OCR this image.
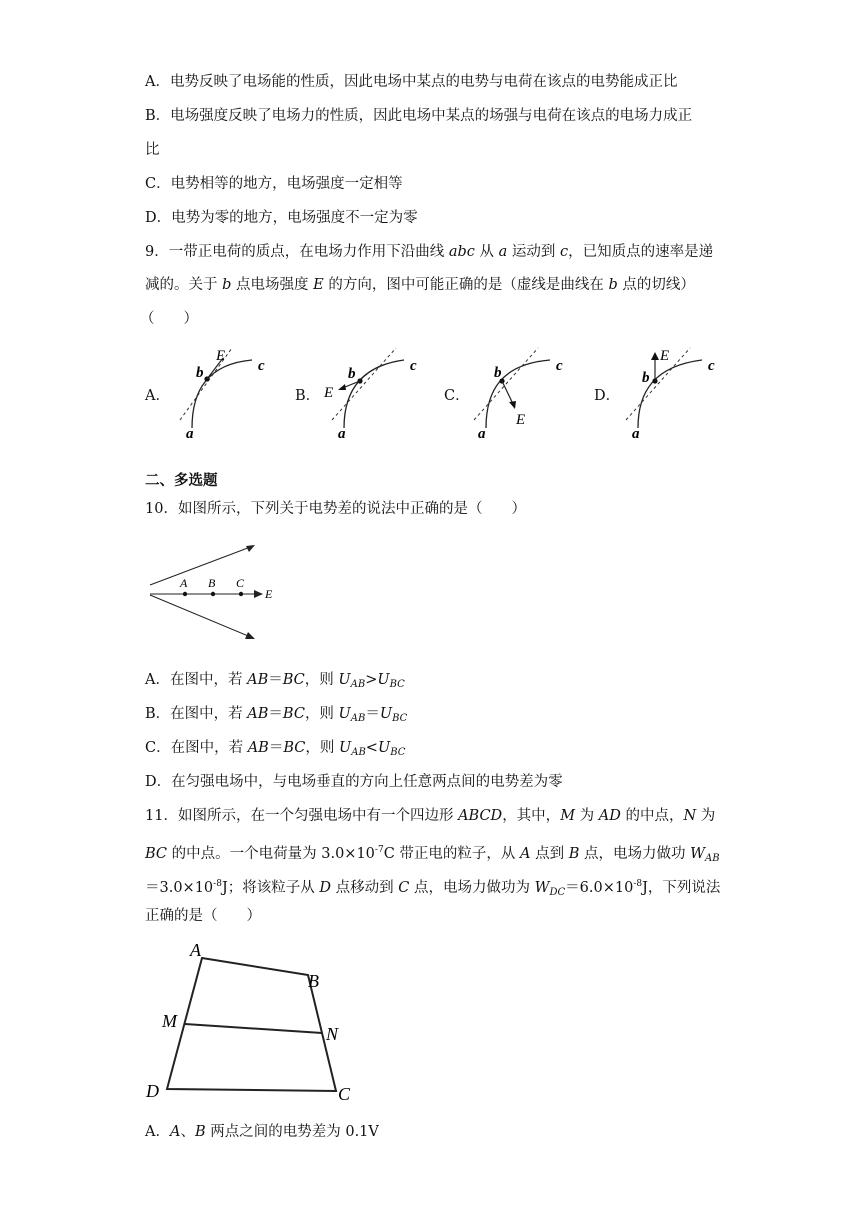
A．电势反映了电场能的性质，因此电场中某点的电势与电荷在该点的电势能成正比
B．电场强度反映了电场力的性质，因此电场中某点的场强与电荷在该点的电场力成正
比
C．电势相等的地方，电场强度一定相等
D．电势为零的地方，电场强度不一定为零
9．一带正电荷的质点，在电场力作用下沿曲线 abc 从 a 运动到 c，已知质点的速率是递
减的。关于 b 点电场强度 E 的方向，图中可能正确的是（虚线是曲线在 b 点的切线）
（　　）
A．	B．	C．	D．
E
b	c
a
E
b	c
a
E
b	c
a
E
b
c
a
二、多选题
10．如图所示，下列关于电势差的说法中正确的是（　　）
A B C
E
A．在图中，若 AB＝BC，则 $U_{AB}>U_{BC}$
B．在图中，若 AB＝BC，则 $U_{AB}=U_{BC}$
C．在图中，若 AB＝BC，则 $U_{AB}<U_{BC}$
D．在匀强电场中，与电场垂直的方向上任意两点间的电势差为零
11．如图所示，在一个匀强电场中有一个四边形 ABCD，其中，M 为 AD 的中点，N 为
BC 的中点。一个电荷量为 $3.0\times 10^{-7}C$ 带正电的粒子，从 A 点到 B 点，电场力做功 $W_{AB}$
$=3.0\times 10^{-8}J$；将该粒子从 D 点移动到 C 点，电场力做功为 $W_{DC}=6.0\times 10^{-8}J$，下列说法
正确的是（　　）
A
B
M
N
D	C
A．A、B 两点之间的电势差为 0.1V
